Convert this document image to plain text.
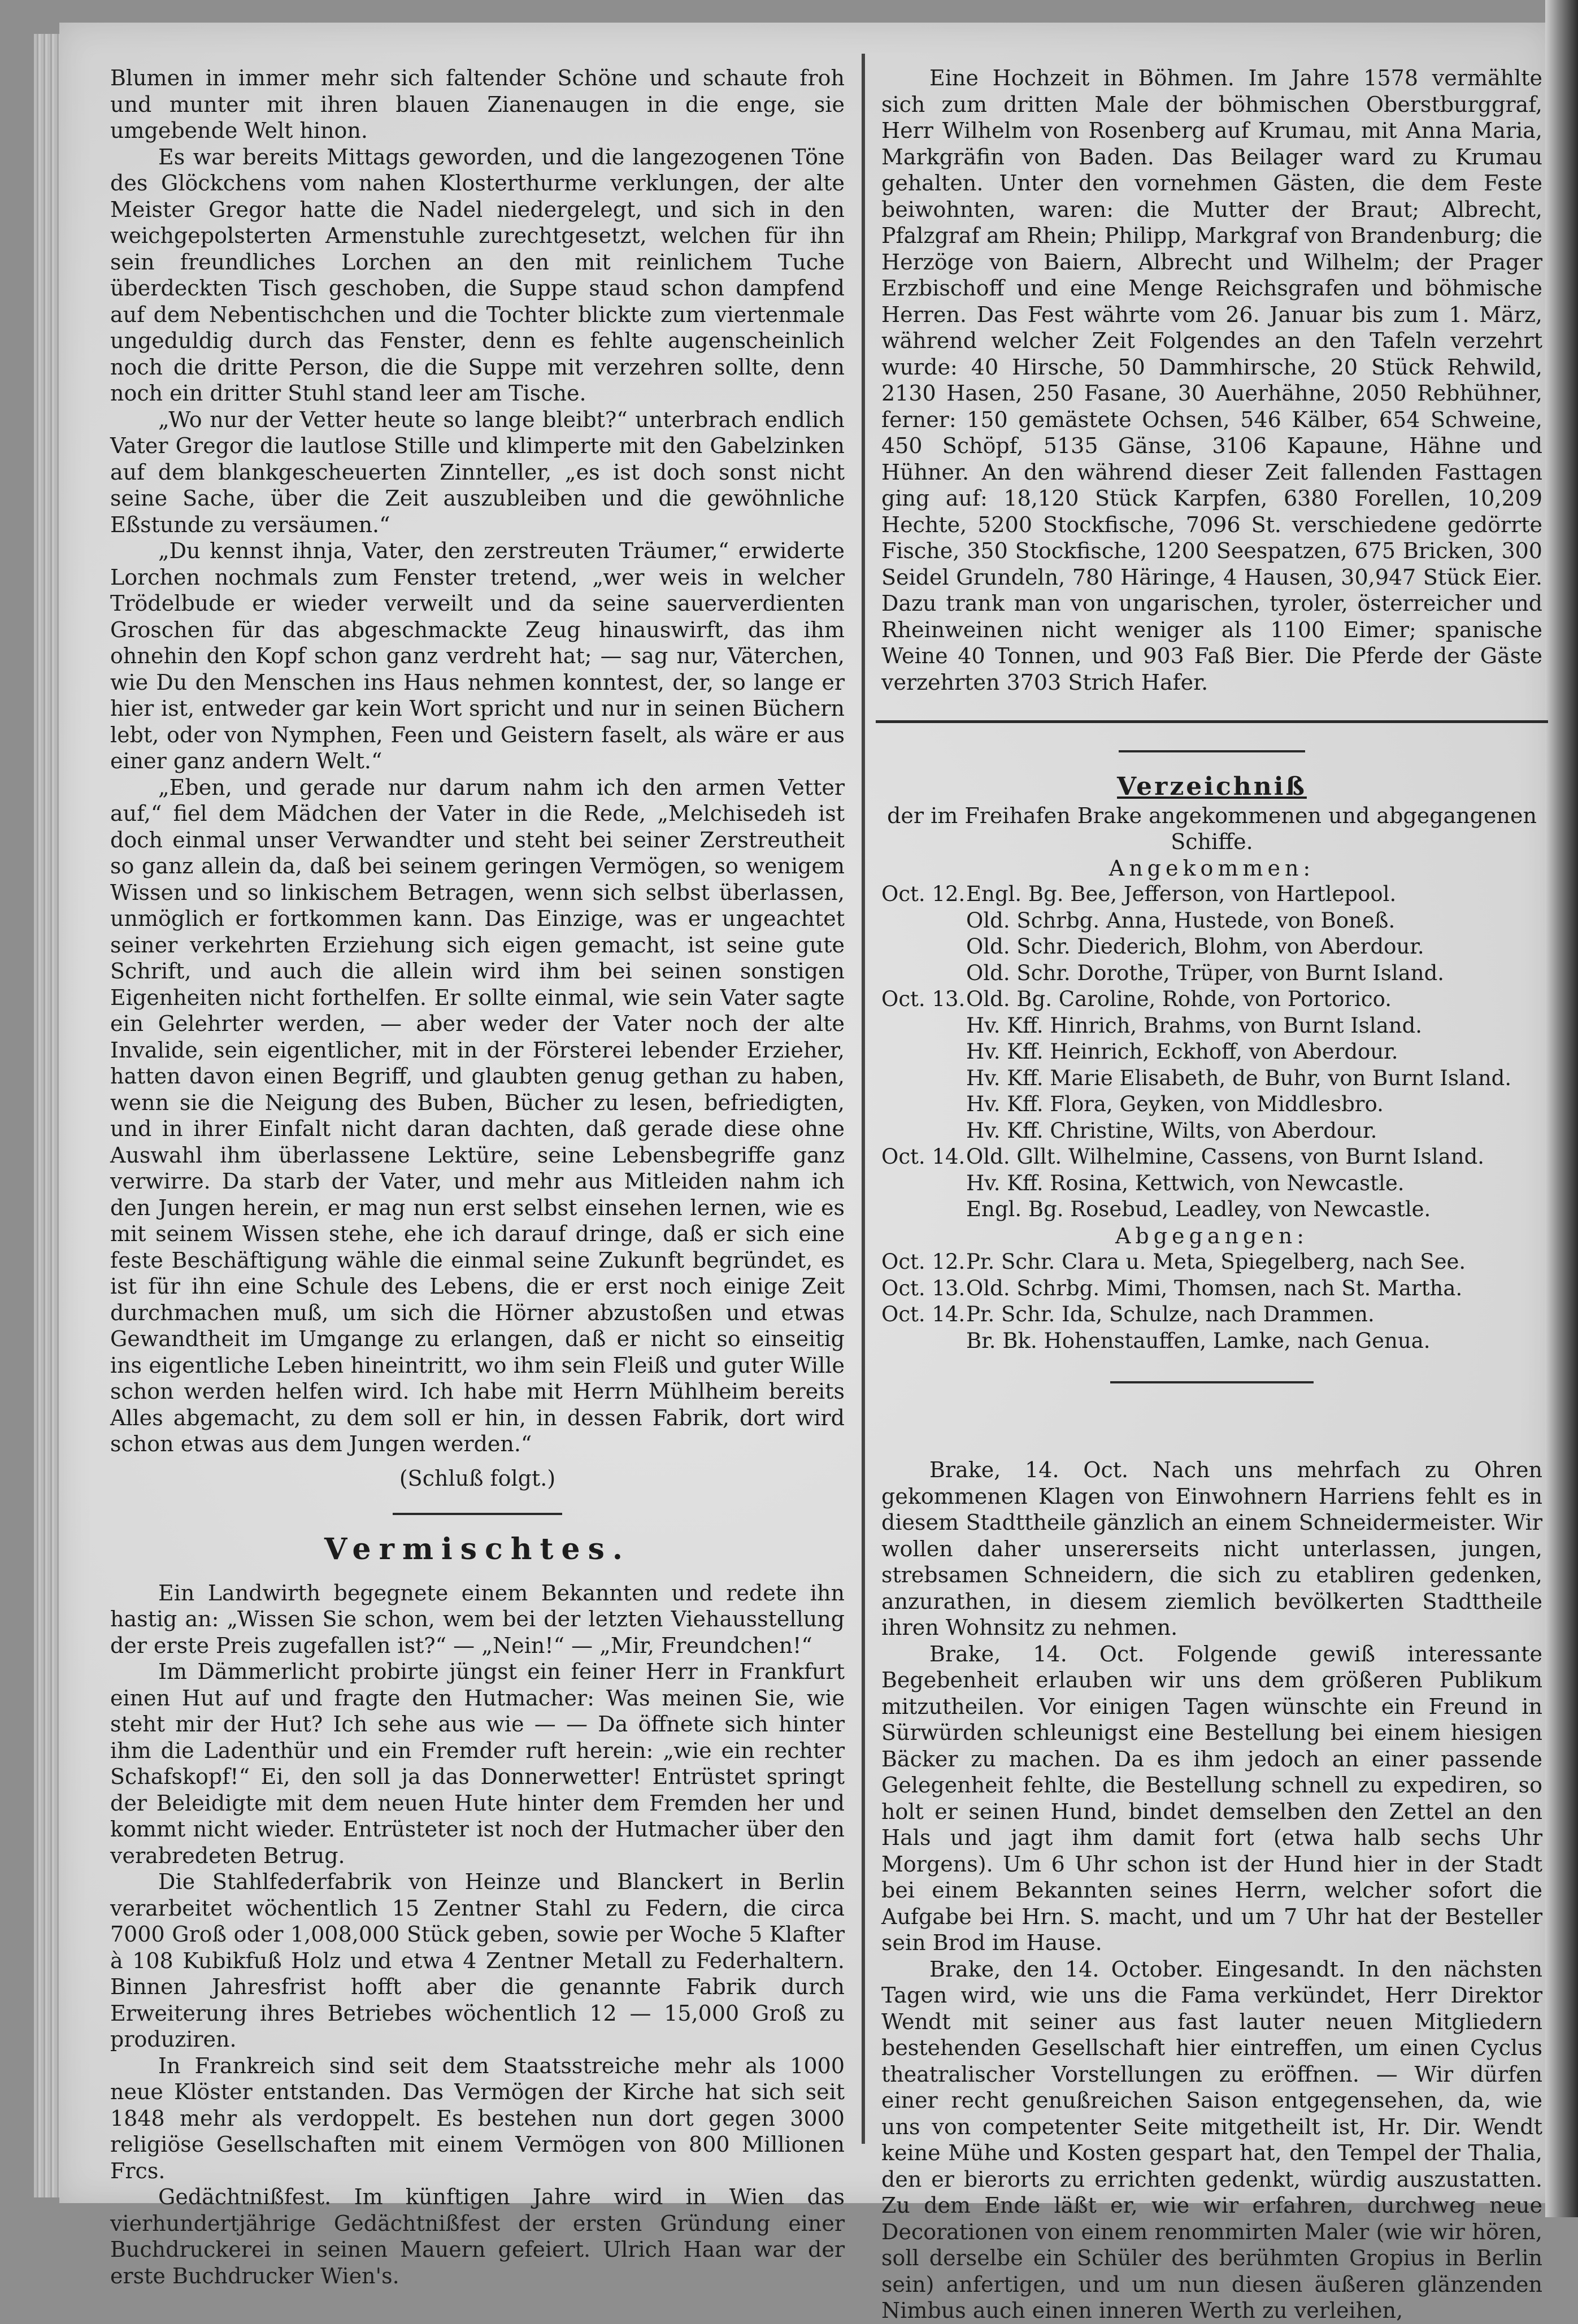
Blumen in immer mehr sich faltender Schöne und schaute froh und munter mit ihren blauen Zianenaugen in die enge, sie umgebende Welt hinon.

Es war bereits Mittags geworden, und die langezogenen Töne des Glöckchens vom nahen Klosterthurme verklungen, der alte Meister Gregor hatte die Nadel niedergelegt, und sich in den weichgepolsterten Armenstuhle zurechtgesetzt, welchen für ihn sein freundliches Lorchen an den mit reinlichem Tuche überdeckten Tisch geschoben, die Suppe staud schon dampfend auf dem Nebentischchen und die Tochter blickte zum viertenmale ungeduldig durch das Fenster, denn es fehlte augenscheinlich noch die dritte Person, die die Suppe mit verzehren sollte, denn noch ein dritter Stuhl stand leer am Tische.

„Wo nur der Vetter heute so lange bleibt?“ unterbrach endlich Vater Gregor die lautlose Stille und klimperte mit den Gabelzinken auf dem blankgescheuerten Zinnteller, „es ist doch sonst nicht seine Sache, über die Zeit auszubleiben und die gewöhnliche Eßstunde zu versäumen.“

„Du kennst ihnja, Vater, den zerstreuten Träumer,“ erwiderte Lorchen nochmals zum Fenster tretend, „wer weis in welcher Trödelbude er wieder verweilt und da seine sauerverdienten Groschen für das abgeschmackte Zeug hinauswirft, das ihm ohnehin den Kopf schon ganz verdreht hat; — sag nur, Väterchen, wie Du den Menschen ins Haus nehmen konntest, der, so lange er hier ist, entweder gar kein Wort spricht und nur in seinen Büchern lebt, oder von Nymphen, Feen und Geistern faselt, als wäre er aus einer ganz andern Welt.“

„Eben, und gerade nur darum nahm ich den armen Vetter auf,“ fiel dem Mädchen der Vater in die Rede, „Melchisedeh ist doch einmal unser Verwandter und steht bei seiner Zerstreutheit so ganz allein da, daß bei seinem geringen Vermögen, so wenigem Wissen und so linkischem Betragen, wenn sich selbst überlassen, unmöglich er fortkommen kann. Das Einzige, was er ungeachtet seiner verkehrten Erziehung sich eigen gemacht, ist seine gute Schrift, und auch die allein wird ihm bei seinen sonstigen Eigenheiten nicht forthelfen. Er sollte einmal, wie sein Vater sagte ein Gelehrter werden, — aber weder der Vater noch der alte Invalide, sein eigentlicher, mit in der Försterei lebender Erzieher, hatten davon einen Begriff, und glaubten genug gethan zu haben, wenn sie die Neigung des Buben, Bücher zu lesen, befriedigten, und in ihrer Einfalt nicht daran dachten, daß gerade diese ohne Auswahl ihm überlassene Lektüre, seine Lebensbegriffe ganz verwirre. Da starb der Vater, und mehr aus Mitleiden nahm ich den Jungen herein, er mag nun erst selbst einsehen lernen, wie es mit seinem Wissen stehe, ehe ich darauf dringe, daß er sich eine feste Beschäftigung wähle die einmal seine Zukunft begründet, es ist für ihn eine Schule des Lebens, die er erst noch einige Zeit durchmachen muß, um sich die Hörner abzustoßen und etwas Gewandtheit im Umgange zu erlangen, daß er nicht so einseitig ins eigentliche Leben hineintritt, wo ihm sein Fleiß und guter Wille schon werden helfen wird. Ich habe mit Herrn Mühlheim bereits Alles abgemacht, zu dem soll er hin, in dessen Fabrik, dort wird schon etwas aus dem Jungen werden.“

(Schluß folgt.)

Vermischtes.

Ein Landwirth begegnete einem Bekannten und redete ihn hastig an: „Wissen Sie schon, wem bei der letzten Viehausstellung der erste Preis zugefallen ist?“ — „Nein!“ — „Mir, Freundchen!“

Im Dämmerlicht probirte jüngst ein feiner Herr in Frankfurt einen Hut auf und fragte den Hutmacher: Was meinen Sie, wie steht mir der Hut? Ich sehe aus wie — — Da öffnete sich hinter ihm die Ladenthür und ein Fremder ruft herein: „wie ein rechter Schafskopf!“ Ei, den soll ja das Donnerwetter! Entrüstet springt der Beleidigte mit dem neuen Hute hinter dem Fremden her und kommt nicht wieder. Entrüsteter ist noch der Hutmacher über den verabredeten Betrug.

Die Stahlfederfabrik von Heinze und Blanckert in Berlin verarbeitet wöchentlich 15 Zentner Stahl zu Federn, die circa 7000 Groß oder 1,008,000 Stück geben, sowie per Woche 5 Klafter à 108 Kubikfuß Holz und etwa 4 Zentner Metall zu Federhaltern. Binnen Jahresfrist hofft aber die genannte Fabrik durch Erweiterung ihres Betriebes wöchentlich 12 — 15,000 Groß zu produziren.

In Frankreich sind seit dem Staatsstreiche mehr als 1000 neue Klöster entstanden. Das Vermögen der Kirche hat sich seit 1848 mehr als verdoppelt. Es bestehen nun dort gegen 3000 religiöse Gesellschaften mit einem Vermögen von 800 Millionen Frcs.

Gedächtnißfest. Im künftigen Jahre wird in Wien das vierhundertjährige Gedächtnißfest der ersten Gründung einer Buchdruckerei in seinen Mauern gefeiert. Ulrich Haan war der erste Buchdrucker Wien's.

Eine Hochzeit in Böhmen. Im Jahre 1578 vermählte sich zum dritten Male der böhmischen Oberstburggraf, Herr Wilhelm von Rosenberg auf Krumau, mit Anna Maria, Markgräfin von Baden. Das Beilager ward zu Krumau gehalten. Unter den vornehmen Gästen, die dem Feste beiwohnten, waren: die Mutter der Braut; Albrecht, Pfalzgraf am Rhein; Philipp, Markgraf von Brandenburg; die Herzöge von Baiern, Albrecht und Wilhelm; der Prager Erzbischoff und eine Menge Reichsgrafen und böhmische Herren. Das Fest währte vom 26. Januar bis zum 1. März, während welcher Zeit Folgendes an den Tafeln verzehrt wurde: 40 Hirsche, 50 Dammhirsche, 20 Stück Rehwild, 2130 Hasen, 250 Fasane, 30 Auerhähne, 2050 Rebhühner, ferner: 150 gemästete Ochsen, 546 Kälber, 654 Schweine, 450 Schöpf, 5135 Gänse, 3106 Kapaune, Hähne und Hühner. An den während dieser Zeit fallenden Fasttagen ging auf: 18,120 Stück Karpfen, 6380 Forellen, 10,209 Hechte, 5200 Stockfische, 7096 St. verschiedene gedörrte Fische, 350 Stockfische, 1200 Seespatzen, 675 Bricken, 300 Seidel Grundeln, 780 Häringe, 4 Hausen, 30,947 Stück Eier. Dazu trank man von ungarischen, tyroler, österreicher und Rheinweinen nicht weniger als 1100 Eimer; spanische Weine 40 Tonnen, und 903 Faß Bier. Die Pferde der Gäste verzehrten 3703 Strich Hafer.

Verzeichniß

der im Freihafen Brake angekommenen und abgegangenen Schiffe.

Angekommen:

Oct. 12. Engl. Bg. Bee, Jefferson, von Hartlepool.
Old. Schrbg. Anna, Hustede, von Boneß.
Old. Schr. Diederich, Blohm, von Aberdour.
Old. Schr. Dorothe, Trüper, von Burnt Island.
Oct. 13. Old. Bg. Caroline, Rohde, von Portorico.
Hv. Kff. Hinrich, Brahms, von Burnt Island.
Hv. Kff. Heinrich, Eckhoff, von Aberdour.
Hv. Kff. Marie Elisabeth, de Buhr, von Burnt Island.
Hv. Kff. Flora, Geyken, von Middlesbro.
Hv. Kff. Christine, Wilts, von Aberdour.
Oct. 14. Old. Gllt. Wilhelmine, Cassens, von Burnt Island.
Hv. Kff. Rosina, Kettwich, von Newcastle.
Engl. Bg. Rosebud, Leadley, von Newcastle.

Abgegangen:

Oct. 12. Pr. Schr. Clara u. Meta, Spiegelberg, nach See.
Oct. 13. Old. Schrbg. Mimi, Thomsen, nach St. Martha.
Oct. 14. Pr. Schr. Ida, Schulze, nach Drammen.
Br. Bk. Hohenstauffen, Lamke, nach Genua.

Brake, 14. Oct. Nach uns mehrfach zu Ohren gekommenen Klagen von Einwohnern Harriens fehlt es in diesem Stadttheile gänzlich an einem Schneidermeister. Wir wollen daher unsererseits nicht unterlassen, jungen, strebsamen Schneidern, die sich zu etabliren gedenken, anzurathen, in diesem ziemlich bevölkerten Stadttheile ihren Wohnsitz zu nehmen.

Brake, 14. Oct. Folgende gewiß interessante Begebenheit erlauben wir uns dem größeren Publikum mitzutheilen. Vor einigen Tagen wünschte ein Freund in Sürwürden schleunigst eine Bestellung bei einem hiesigen Bäcker zu machen. Da es ihm jedoch an einer passende Gelegenheit fehlte, die Bestellung schnell zu expediren, so holt er seinen Hund, bindet demselben den Zettel an den Hals und jagt ihm damit fort (etwa halb sechs Uhr Morgens). Um 6 Uhr schon ist der Hund hier in der Stadt bei einem Bekannten seines Herrn, welcher sofort die Aufgabe bei Hrn. S. macht, und um 7 Uhr hat der Besteller sein Brod im Hause.

Brake, den 14. October. Eingesandt. In den nächsten Tagen wird, wie uns die Fama verkündet, Herr Direktor Wendt mit seiner aus fast lauter neuen Mitgliedern bestehenden Gesellschaft hier eintreffen, um einen Cyclus theatralischer Vorstellungen zu eröffnen. — Wir dürfen einer recht genußreichen Saison entgegensehen, da, wie uns von competenter Seite mitgetheilt ist, Hr. Dir. Wendt keine Mühe und Kosten gespart hat, den Tempel der Thalia, den er bierorts zu errichten gedenkt, würdig auszustatten. Zu dem Ende läßt er, wie wir erfahren, durchweg neue Decorationen von einem renommirten Maler (wie wir hören, soll derselbe ein Schüler des berühmten Gropius in Berlin sein) anfertigen, und um nun diesen äußeren glänzenden Nimbus auch einen inneren Werth zu verleihen,
